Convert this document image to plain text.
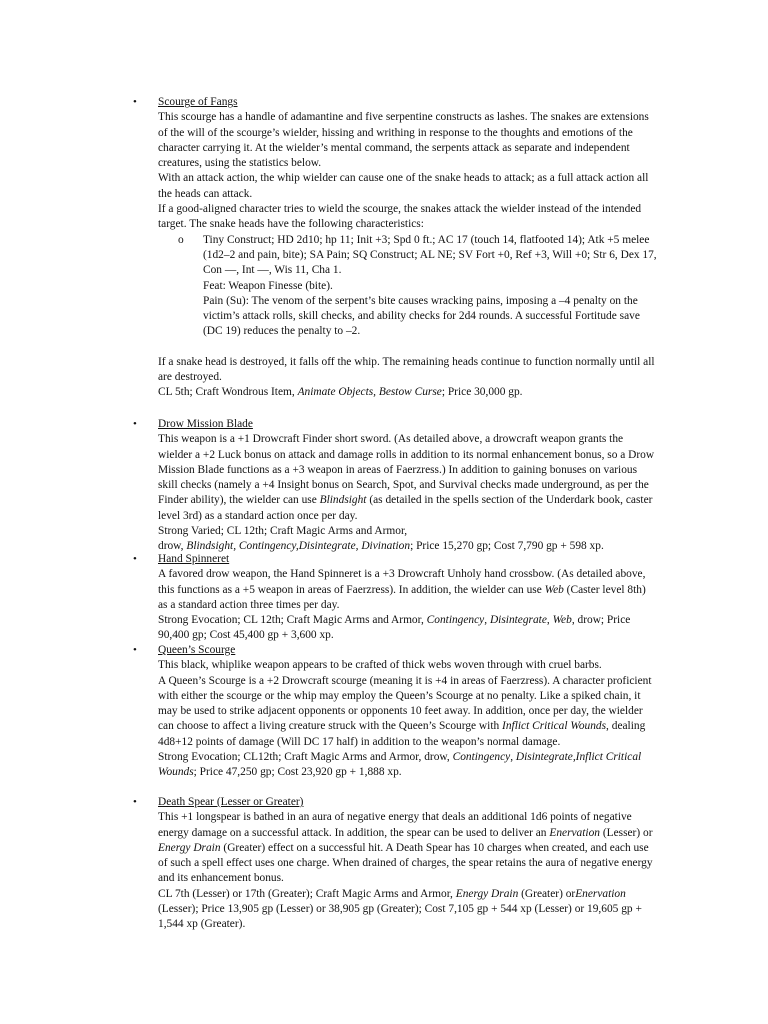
• Scourge of Fangs
This scourge has a handle of adamantine and five serpentine constructs as lashes. The snakes are extensions of the will of the scourge’s wielder, hissing and writhing in response to the thoughts and emotions of the character carrying it. At the wielder’s mental command, the serpents attack as separate and independent creatures, using the statistics below.
With an attack action, the whip wielder can cause one of the snake heads to attack; as a full attack action all the heads can attack.
If a good-aligned character tries to wield the scourge, the snakes attack the wielder instead of the intended target. The snake heads have the following characteristics:
o Tiny Construct; HD 2d10; hp 11; Init +3; Spd 0 ft.; AC 17 (touch 14, flatfooted 14); Atk +5 melee (1d2–2 and pain, bite); SA Pain; SQ Construct; AL NE; SV Fort +0, Ref +3, Will +0; Str 6, Dex 17, Con —, Int —, Wis 11, Cha 1.
Feat: Weapon Finesse (bite).
Pain (Su): The venom of the serpent’s bite causes wracking pains, imposing a –4 penalty on the victim’s attack rolls, skill checks, and ability checks for 2d4 rounds. A successful Fortitude save (DC 19) reduces the penalty to –2.
If a snake head is destroyed, it falls off the whip. The remaining heads continue to function normally until all are destroyed.
CL 5th; Craft Wondrous Item, Animate Objects, Bestow Curse; Price 30,000 gp.
• Drow Mission Blade
This weapon is a +1 Drowcraft Finder short sword. (As detailed above, a drowcraft weapon grants the wielder a +2 Luck bonus on attack and damage rolls in addition to its normal enhancement bonus, so a Drow Mission Blade functions as a +3 weapon in areas of Faerzress.) In addition to gaining bonuses on various skill checks (namely a +4 Insight bonus on Search, Spot, and Survival checks made underground, as per the Finder ability), the wielder can use Blindsight (as detailed in the spells section of the Underdark book, caster level 3rd) as a standard action once per day.
Strong Varied; CL 12th; Craft Magic Arms and Armor,
drow, Blindsight, Contingency,Disintegrate, Divination; Price 15,270 gp; Cost 7,790 gp + 598 xp.
• Hand Spinneret
A favored drow weapon, the Hand Spinneret is a +3 Drowcraft Unholy hand crossbow. (As detailed above, this functions as a +5 weapon in areas of Faerzress). In addition, the wielder can use Web (Caster level 8th) as a standard action three times per day.
Strong Evocation; CL 12th; Craft Magic Arms and Armor, Contingency, Disintegrate, Web, drow; Price 90,400 gp; Cost 45,400 gp + 3,600 xp.
• Queen’s Scourge
This black, whiplike weapon appears to be crafted of thick webs woven through with cruel barbs.
A Queen’s Scourge is a +2 Drowcraft scourge (meaning it is +4 in areas of Faerzress). A character proficient with either the scourge or the whip may employ the Queen’s Scourge at no penalty. Like a spiked chain, it may be used to strike adjacent opponents or opponents 10 feet away. In addition, once per day, the wielder can choose to affect a living creature struck with the Queen’s Scourge with Inflict Critical Wounds, dealing 4d8+12 points of damage (Will DC 17 half) in addition to the weapon’s normal damage.
Strong Evocation; CL12th; Craft Magic Arms and Armor, drow, Contingency, Disintegrate,Inflict Critical Wounds; Price 47,250 gp; Cost 23,920 gp + 1,888 xp.
• Death Spear (Lesser or Greater)
This +1 longspear is bathed in an aura of negative energy that deals an additional 1d6 points of negative energy damage on a successful attack. In addition, the spear can be used to deliver an Enervation (Lesser) or Energy Drain (Greater) effect on a successful hit. A Death Spear has 10 charges when created, and each use of such a spell effect uses one charge. When drained of charges, the spear retains the aura of negative energy and its enhancement bonus.
CL 7th (Lesser) or 17th (Greater); Craft Magic Arms and Armor, Energy Drain (Greater) orEnervation (Lesser); Price 13,905 gp (Lesser) or 38,905 gp (Greater); Cost 7,105 gp + 544 xp (Lesser) or 19,605 gp + 1,544 xp (Greater).
